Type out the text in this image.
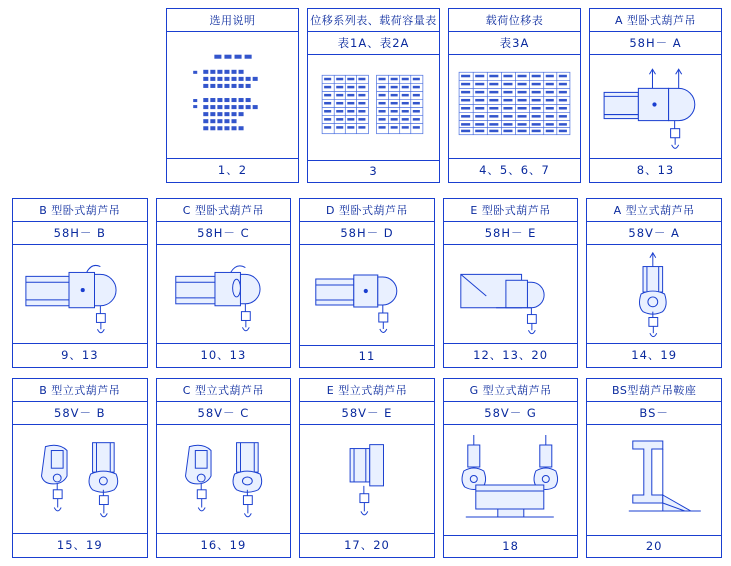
选用说明
1、2
位移系列表、载荷容量表
表1A、表2A
3
载荷位移表
表3A
4、5、6、7
A 型卧式葫芦吊
58H－ A
8、13
B 型卧式葫芦吊
58H－ B
9、13
C 型卧式葫芦吊
58H－ C
10、13
D 型卧式葫芦吊
58H－ D
11
E 型卧式葫芦吊
58H－ E
12、13、20
A 型立式葫芦吊
58V－ A
14、19
B 型立式葫芦吊
58V－ B
15、19
C 型立式葫芦吊
58V－ C
16、19
E 型立式葫芦吊
58V－ E
17、20
G 型立式葫芦吊
58V－ G
18
BS型葫芦吊鞍座
BS－
20
